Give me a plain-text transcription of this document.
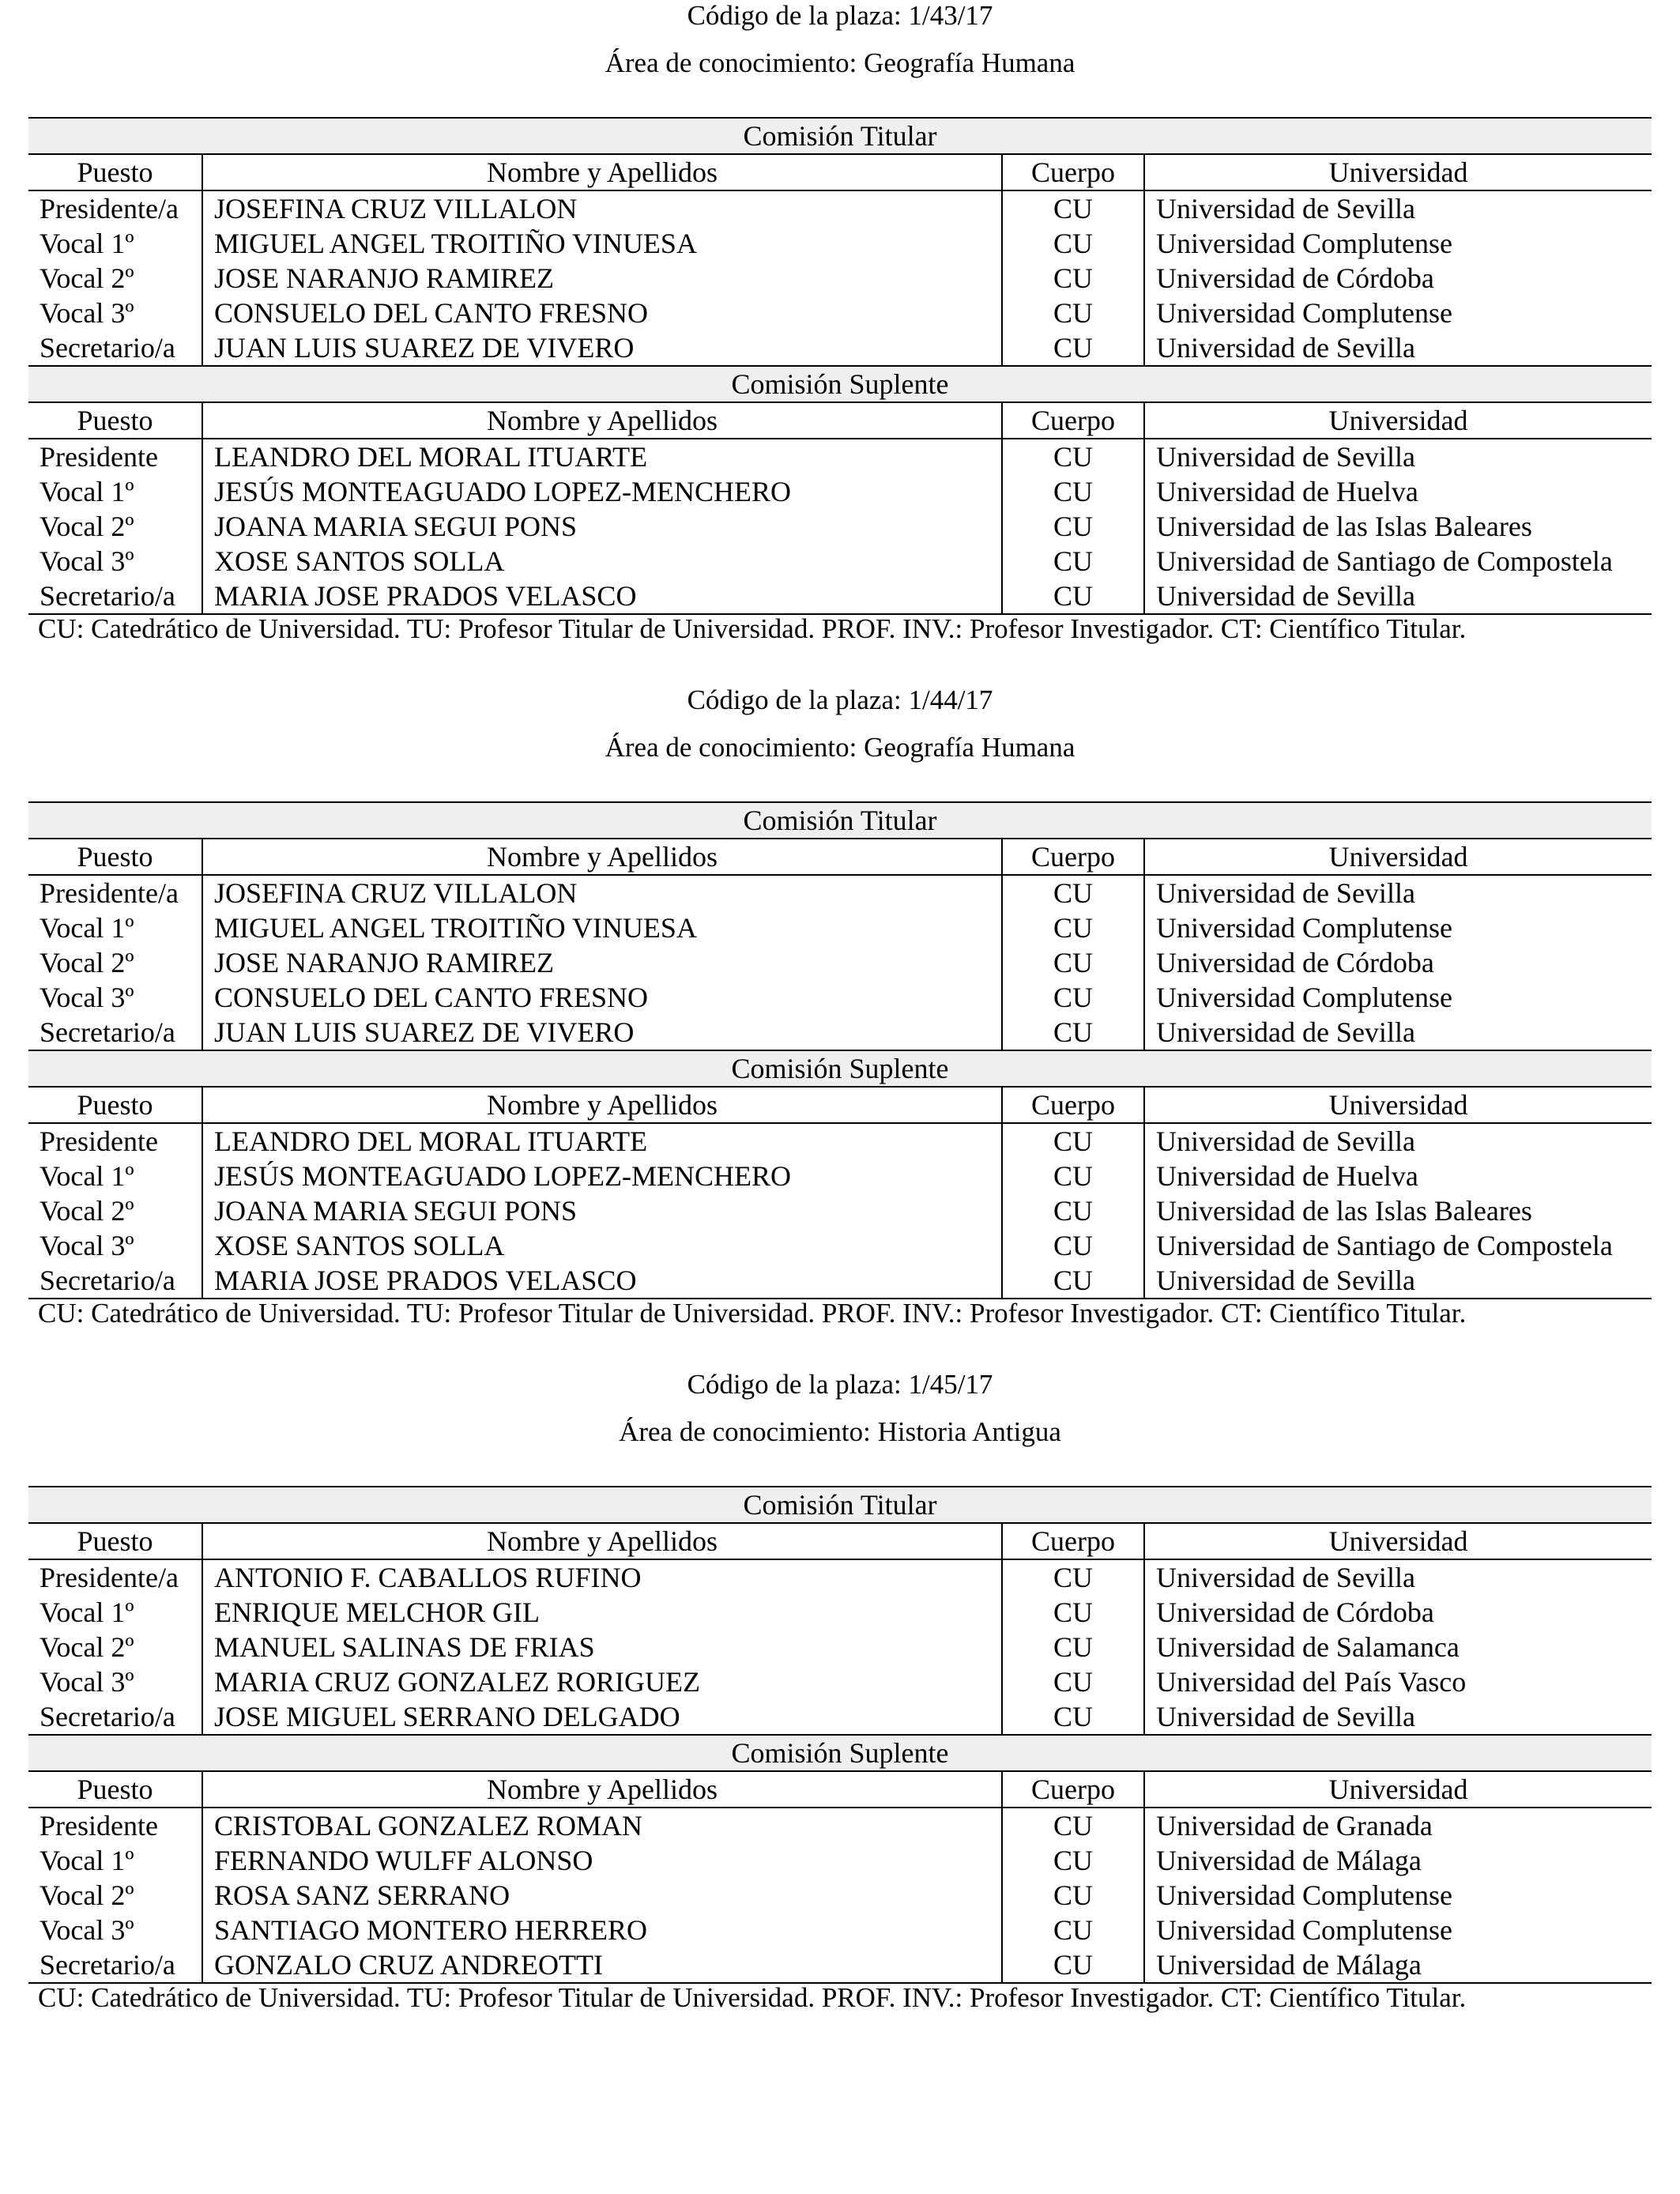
Código de la plaza: 1/43/17
Área de conocimiento: Geografía Humana
Comisión Titular			
Puesto	Nombre y Apellidos	Cuerpo	Universidad
Presidente/a	JOSEFINA CRUZ VILLALON	CU	Universidad de Sevilla
Vocal 1º	MIGUEL ANGEL TROITIÑO VINUESA	CU	Universidad Complutense
Vocal 2º	JOSE NARANJO RAMIREZ	CU	Universidad de Córdoba
Vocal 3º	CONSUELO DEL CANTO FRESNO	CU	Universidad Complutense
Secretario/a	JUAN LUIS SUAREZ DE VIVERO	CU	Universidad de Sevilla
Comisión Suplente			
Puesto	Nombre y Apellidos	Cuerpo	Universidad
Presidente	LEANDRO DEL MORAL ITUARTE	CU	Universidad de Sevilla
Vocal 1º	JESÚS MONTEAGUADO LOPEZ-MENCHERO	CU	Universidad de Huelva
Vocal 2º	JOANA MARIA SEGUI PONS	CU	Universidad de las Islas Baleares
Vocal 3º	XOSE SANTOS SOLLA	CU	Universidad de Santiago de Compostela
Secretario/a	MARIA JOSE PRADOS VELASCO	CU	Universidad de Sevilla
CU: Catedrático de Universidad. TU: Profesor Titular de Universidad. PROF. INV.: Profesor Investigador. CT: Científico Titular.
Código de la plaza: 1/44/17
Área de conocimiento: Geografía Humana
Comisión Titular			
Puesto	Nombre y Apellidos	Cuerpo	Universidad
Presidente/a	JOSEFINA CRUZ VILLALON	CU	Universidad de Sevilla
Vocal 1º	MIGUEL ANGEL TROITIÑO VINUESA	CU	Universidad Complutense
Vocal 2º	JOSE NARANJO RAMIREZ	CU	Universidad de Córdoba
Vocal 3º	CONSUELO DEL CANTO FRESNO	CU	Universidad Complutense
Secretario/a	JUAN LUIS SUAREZ DE VIVERO	CU	Universidad de Sevilla
Comisión Suplente			
Puesto	Nombre y Apellidos	Cuerpo	Universidad
Presidente	LEANDRO DEL MORAL ITUARTE	CU	Universidad de Sevilla
Vocal 1º	JESÚS MONTEAGUADO LOPEZ-MENCHERO	CU	Universidad de Huelva
Vocal 2º	JOANA MARIA SEGUI PONS	CU	Universidad de las Islas Baleares
Vocal 3º	XOSE SANTOS SOLLA	CU	Universidad de Santiago de Compostela
Secretario/a	MARIA JOSE PRADOS VELASCO	CU	Universidad de Sevilla
CU: Catedrático de Universidad. TU: Profesor Titular de Universidad. PROF. INV.: Profesor Investigador. CT: Científico Titular.
Código de la plaza: 1/45/17
Área de conocimiento: Historia Antigua
Comisión Titular			
Puesto	Nombre y Apellidos	Cuerpo	Universidad
Presidente/a	ANTONIO F. CABALLOS RUFINO	CU	Universidad de Sevilla
Vocal 1º	ENRIQUE MELCHOR GIL	CU	Universidad de Córdoba
Vocal 2º	MANUEL SALINAS DE FRIAS	CU	Universidad de Salamanca
Vocal 3º	MARIA CRUZ GONZALEZ RORIGUEZ	CU	Universidad del País Vasco
Secretario/a	JOSE MIGUEL SERRANO DELGADO	CU	Universidad de Sevilla
Comisión Suplente			
Puesto	Nombre y Apellidos	Cuerpo	Universidad
Presidente	CRISTOBAL GONZALEZ ROMAN	CU	Universidad de Granada
Vocal 1º	FERNANDO WULFF ALONSO	CU	Universidad de Málaga
Vocal 2º	ROSA SANZ SERRANO	CU	Universidad Complutense
Vocal 3º	SANTIAGO MONTERO HERRERO	CU	Universidad Complutense
Secretario/a	GONZALO CRUZ ANDREOTTI	CU	Universidad de Málaga
CU: Catedrático de Universidad. TU: Profesor Titular de Universidad. PROF. INV.: Profesor Investigador. CT: Científico Titular.
